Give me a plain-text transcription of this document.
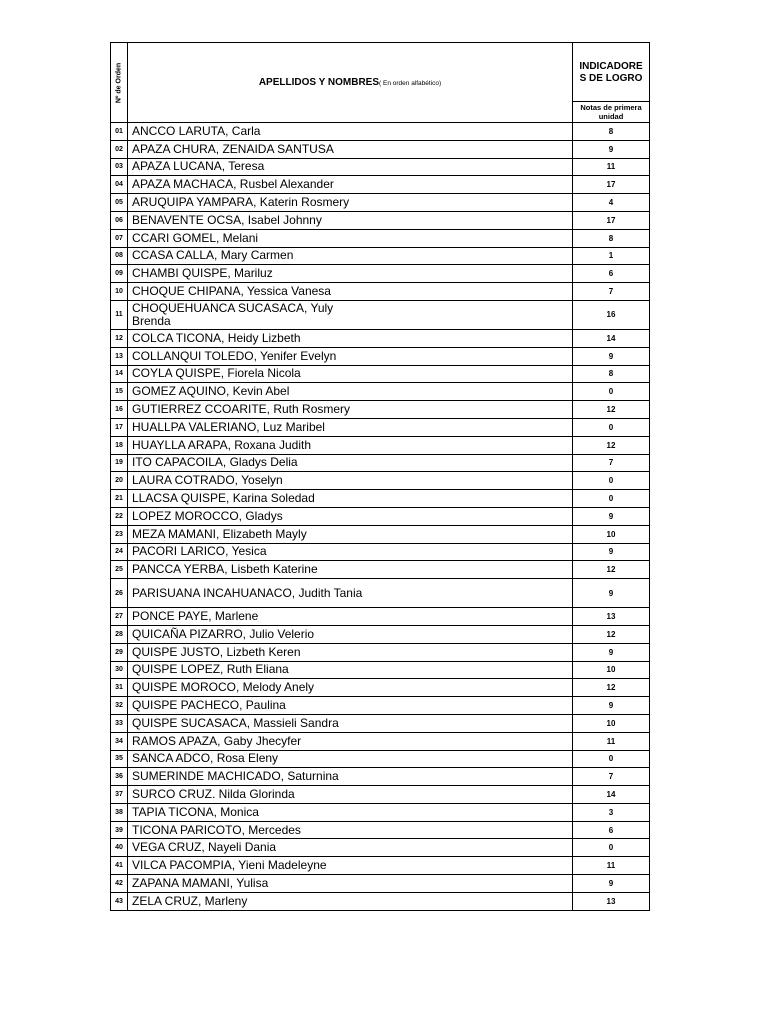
Nº de Orden	APELLIDOS Y NOMBRES( En orden alfabético)	INDICADORES DE LOGRO

		Notas de primera unidad

01	ANCCO LARUTA, Carla	8
02	APAZA CHURA, ZENAIDA SANTUSA	9
03	APAZA LUCANA, Teresa	11
04	APAZA MACHACA, Rusbel Alexander	17
05	ARUQUIPA YAMPARA, Katerin Rosmery	4
06	BENAVENTE OCSA, Isabel Johnny	17
07	CCARI GOMEL, Melani	8
08	CCASA CALLA, Mary Carmen	1
09	CHAMBI QUISPE, Mariluz	6
10	CHOQUE CHIPANA, Yessica Vanesa	7
11	CHOQUEHUANCA SUCASACA, Yuly Brenda	16
12	COLCA TICONA, Heidy Lizbeth	14
13	COLLANQUI TOLEDO, Yenifer Evelyn	9
14	COYLA QUISPE, Fiorela Nicola	8
15	GOMEZ AQUINO, Kevin Abel	0
16	GUTIERREZ CCOARITE, Ruth Rosmery	12
17	HUALLPA VALERIANO, Luz Maribel	0
18	HUAYLLA ARAPA, Roxana Judith	12
19	ITO CAPACOILA, Gladys Delia	7
20	LAURA COTRADO, Yoselyn	0
21	LLACSA QUISPE, Karina Soledad	0
22	LOPEZ MOROCCO, Gladys	9
23	MEZA MAMANI, Elizabeth Mayly	10
24	PACORI LARICO, Yesica	9
25	PANCCA YERBA, Lisbeth Katerine	12
26	PARISUANA INCAHUANACO, Judith Tania	9
27	PONCE PAYE, Marlene	13
28	QUICAÑA PIZARRO, Julio Velerio	12
29	QUISPE JUSTO, Lizbeth Keren	9
30	QUISPE LOPEZ, Ruth Eliana	10
31	QUISPE MOROCO, Melody Anely	12
32	QUISPE PACHECO, Paulina	9
33	QUISPE SUCASACA, Massieli Sandra	10
34	RAMOS APAZA, Gaby Jhecyfer	11
35	SANCA ADCO, Rosa Eleny	0
36	SUMERINDE MACHICADO, Saturnina	7
37	SURCO CRUZ. Nilda Glorinda	14
38	TAPIA TICONA, Monica	3
39	TICONA PARICOTO, Mercedes	6
40	VEGA CRUZ, Nayeli Dania	0
41	VILCA PACOMPIA, Yieni Madeleyne	11
42	ZAPANA MAMANI, Yulisa	9
43	ZELA CRUZ, Marleny	13
